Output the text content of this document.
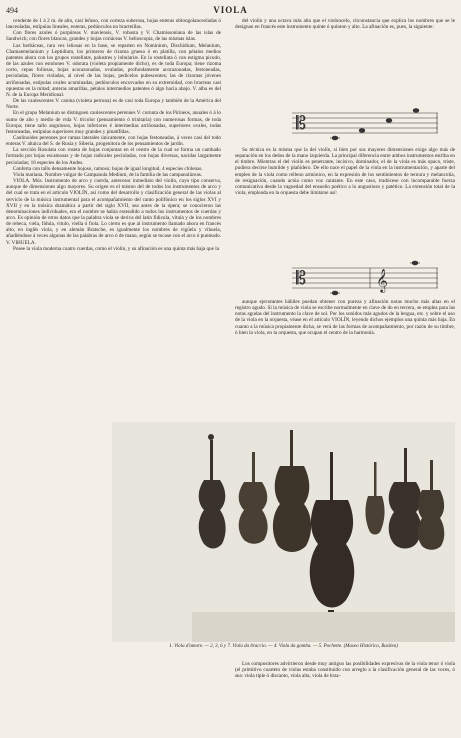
494	VIOLA

cendente de 1 á 2 m. de alto, casi leñoso, con corteza suberosa, hojas enteras oblongolanceoladas ó lanceoladas, estípulas lineales, enteras, pedúnculos no bracteillas.

Con flores azules ó purpúreas V. maviensis, V. robusta y V. Chamissoniana de las islas de Sandwich; con flores blancas, grandes y hojas coriáceas V. helioscopia, de las mismas islas.

Las herbáceas, rara vez leñosas en la base, se reparten en Nominium, Dischidium, Melanium, Chamaemelanium y Leptidium, los primeros de rizoma grueso ó en platilla, con pétalos medios patentes ahora con los grupos rostellatæ, palustres y lobulariæ. En la rostellata ó con estigma picudo, de las azules con estolones V. odorata (violeta propiamente dicho), es de toda Europa; tiene rizoma corto, cepas foliosas, hojas acorazonadas, ovaladas, profundamente acorazonadas, festoneadas, pecioladas, flores violadas, al nivel de las hojas, pedicelos pubescentes; las de rizomas jóvenes arriñonadas, estípulas ovales acuminadas, pedúnculos encorvados en su extremidad, con bracteas casi opuestas en la mitad; anteras amarillas, pétalos intermedios patentes ó algo hacia abajo. V. alba es del N. de la Europa Meridional.

De las caulescentes V. canina (violeta perruna) es de casi toda Europa y también de la América del Norte.

En el grupo Melanium se distinguen caulescentes perennes V. cornuta de los Pirineos, anuales ó á lo sumo de año y medio de vida V. tricolor (pensamiento ó trinitaria) con numerosas formas, de toda Europa; tiene tallo angulosos, hojas inferiores é intermedias arriñonadas, superiores ovales, todas festoneadas, estípulas superiores muy grandes y pinatífidas.

Caulinoides perennes por ramas laterales únicamente, con hojas festoneadas, á veces casi del todo enteras V. altaica del S. de Rusia y Siberia, progenitora de los pensamientos de jardín.

La sección Rosulata con roseta de hojas conjuntas en el centro de la cual se forma un cambado formado por hojas escamosas y de hojas radicales pecioladas, con hojas diversas, nacidas largamente pecioladas; 16 especies de los Andes.

Conferta con tallo densamente hojoso, ramoso; hojas de igual longitud, 4 especies chilenas.

Viola mariana. Nombre vulgar de Campanula Medium, de la familia de las campanuláceas.

VIOLA. Mús. Instrumento de arco y cuerda, antecesor inmediato del violín, cuyo tipo conserva, aunque de dimensiones algo mayores. Su origen es el mismo del de todos los instrumentos de arco y del cual se trata en el artículo VIOLÍN, así como del desarrollo y clasificación general de las violas al servicio de la música instrumental para el acompañamiento del canto polifónico en los siglos XVI y XVII y en la música dramática a partir del siglo XVII, sea antes de la ópera; se conocieron las denominaciones individuales, era el nombre se había extendido a todos los instrumentos de cuerdas y arco. Es opinión de otros datos que la palabra viola se deriva del latín fidicula, vitula y de los nombres de rebeca, viela, fidula, vitulo, viella ó fiola. Lo cierto es que al instrumento llamado ahora en francés alto, en inglés viola, y en alemán Bratsche, es igualmente los nombres de vigüela y vihuela, añadiéndose á veces algunas de las palabras de arco ó de mano, según se tocase con el arco ó punteado. V. VIHUELA.

Posee la viola moderna cuatro cuerdas, como el violín, y su afinación es una quinta más baja que la

del violín y una octava más alta que el violoncelo, circunstancia que explica los nombres que se le designan en francés este instrumento quinte ó quinton y alto. La afinación es, pues, la siguiente:

𝄡

Su técnica es la misma que la del violín, si bien por sus mayores dimensiones exige algo más de separación en los dedos de la mano izquierda. La principal diferencia entre ambos instrumentos estriba en el timbre. Mientras el del violín es penetrante, incisivo, dominador, el de la viola es más opaco, triste, pudiera decirse humilde y plañidero. De ello nace el papel de la viola en la instrumentación, y aparte del empleo de la viola como relleno armónico, en la expresión de los sentimientos de ternura y melancolía, de resignación, cuando actúa como voz cantante. En este caso, tradúcese con incomparable fuerza comunicativa desde la vaguedad del ensueño poético a lo angustioso y patético. La extensión total de la viola, empleada en la orquesta debe limitarse así:

𝄡	𝄞

aunque ejecutantes hábiles puedan obtener con pureza y afinación notas mucho más altas en el registro agudo. Si la música de viola se escribe normalmente en clave de do en tercera, se emplea para las notas agudas del instrumento la clave de sol. Por los sonidos más agudos de la lengua, etc. y sobre el uso de la viola en la orquesta, véase en el artículo VIOLÍN, leyendo dichos ejemplos una quinta más baja. En cuanto a la música propiamente dicha, se verá de las formas de acompañamiento, por razón de su timbre, ó bien la viola, en la orquesta, que ocupan el centro de la harmonía.

1. Viola d'amore. — 2, 3, 6 y 7. Viola da braccio. — 4. Viola da gamba. — 5. Pochette. (Museo Histórico, Basilea)

Los compositores advirtieron desde muy antiguo las posibilidades expresivas de la viola tenor ó viola (el primitivo cuarteto de violas estaba constituido con arreglo a la clasificación general de las voces, ó sea: viola tiple ó discanto, viola alta, viola de braz-
